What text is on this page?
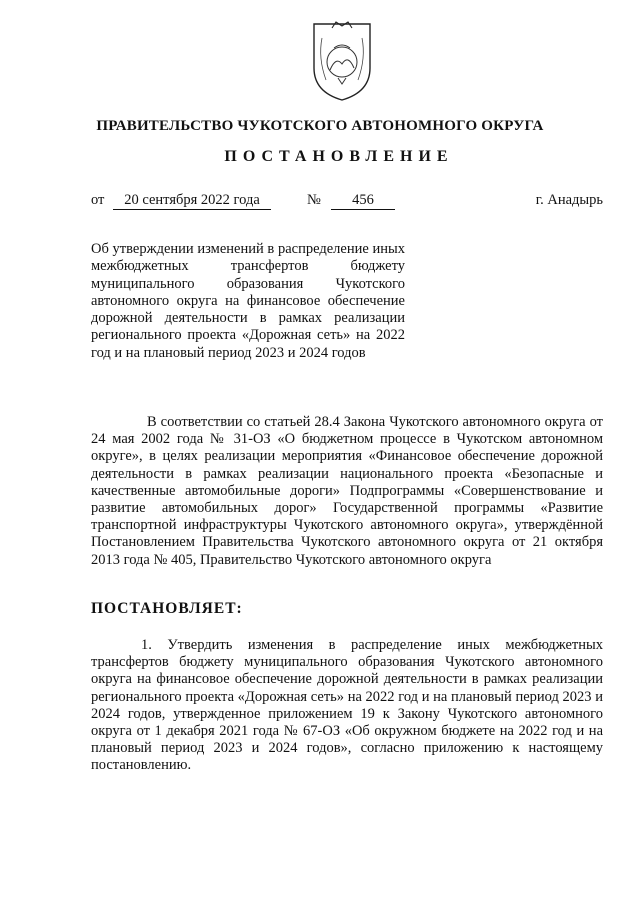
ПРАВИТЕЛЬСТВО ЧУКОТСКОГО АВТОНОМНОГО ОКРУГА
ПОСТАНОВЛЕНИЕ
от	20 сентября 2022 года	№	456	г. Анадырь
Об утверждении изменений в распределение иных межбюджетных трансфертов бюджету муниципального образования Чукотского автономного округа на финансовое обеспечение дорожной деятельности в рамках реализации регионального проекта «Дорожная сеть» на 2022 год и на плановый период 2023 и 2024 годов
В соответствии со статьей 28.4 Закона Чукотского автономного округа от 24 мая 2002 года № 31-ОЗ «О бюджетном процессе в Чукотском автономном округе», в целях реализации мероприятия «Финансовое обеспечение дорожной деятельности в рамках реализации национального проекта «Безопасные и качественные автомобильные дороги» Подпрограммы «Совершенствование и развитие автомобильных дорог» Государственной программы «Развитие транспортной инфраструктуры Чукотского автономного округа», утверждённой Постановлением Правительства Чукотского автономного округа от 21 октября 2013 года № 405, Правительство Чукотского автономного округа
ПОСТАНОВЛЯЕТ:
1. Утвердить изменения в распределение иных межбюджетных трансфертов бюджету муниципального образования Чукотского автономного округа на финансовое обеспечение дорожной деятельности в рамках реализации регионального проекта «Дорожная сеть» на 2022 год и на плановый период 2023 и 2024 годов, утвержденное приложением 19 к Закону Чукотского автономного округа от 1 декабря 2021 года № 67-ОЗ «Об окружном бюджете на 2022 год и на плановый период 2023 и 2024 годов», согласно приложению к настоящему постановлению.
